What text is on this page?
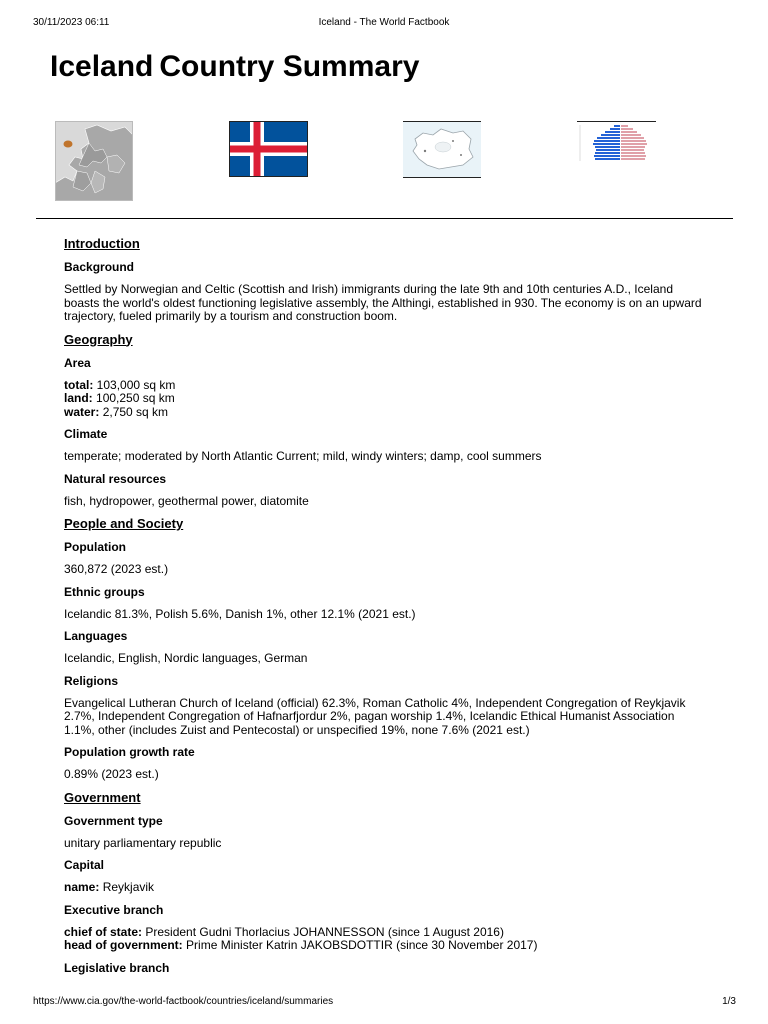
30/11/2023 06:11	Iceland - The World Factbook
Iceland Country Summary
Introduction
Background
Settled by Norwegian and Celtic (Scottish and Irish) immigrants during the late 9th and 10th centuries A.D., Iceland boasts the world's oldest functioning legislative assembly, the Althingi, established in 930. The economy is on an upward trajectory, fueled primarily by a tourism and construction boom.
Geography
Area
total: 103,000 sq km
land: 100,250 sq km
water: 2,750 sq km
Climate
temperate; moderated by North Atlantic Current; mild, windy winters; damp, cool summers
Natural resources
fish, hydropower, geothermal power, diatomite
People and Society
Population
360,872 (2023 est.)
Ethnic groups
Icelandic 81.3%, Polish 5.6%, Danish 1%, other 12.1% (2021 est.)
Languages
Icelandic, English, Nordic languages, German
Religions
Evangelical Lutheran Church of Iceland (official) 62.3%, Roman Catholic 4%, Independent Congregation of Reykjavik 2.7%, Independent Congregation of Hafnarfjordur 2%, pagan worship 1.4%, Icelandic Ethical Humanist Association 1.1%, other (includes Zuist and Pentecostal) or unspecified 19%, none 7.6% (2021 est.)
Population growth rate
0.89% (2023 est.)
Government
Government type
unitary parliamentary republic
Capital
name: Reykjavik
Executive branch
chief of state: President Gudni Thorlacius JOHANNESSON (since 1 August 2016)
head of government: Prime Minister Katrin JAKOBSDOTTIR (since 30 November 2017)
Legislative branch
https://www.cia.gov/the-world-factbook/countries/iceland/summaries	1/3
